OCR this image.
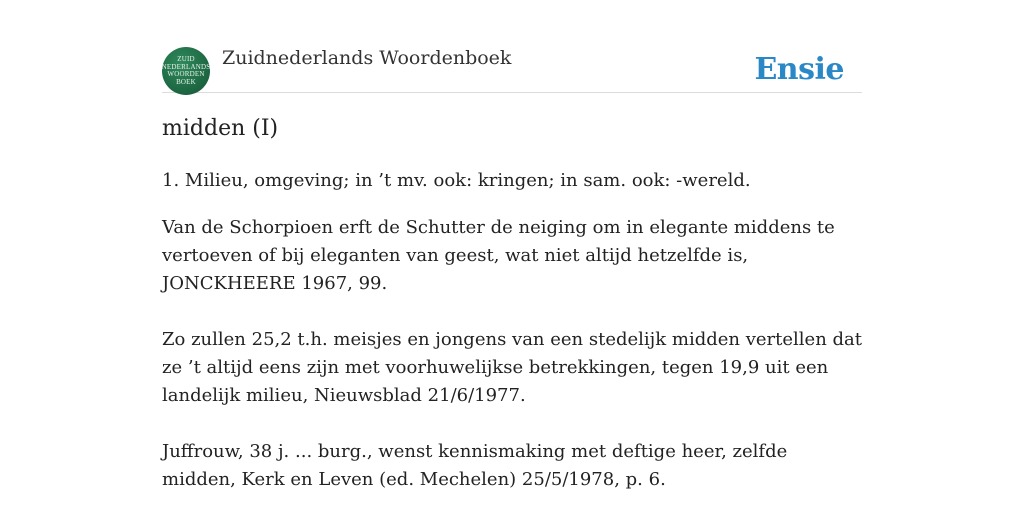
ZUID
NEDERLANDS
WOORDEN
BOEK
Zuidnederlands Woordenboek	Ensie
midden (I)
1. Milieu, omgeving; in ’t mv. ook: kringen; in sam. ook: -wereld.

Van de Schorpioen erft de Schutter de neiging om in elegante middens te vertoeven of bij eleganten van geest, wat niet altijd hetzelfde is, JONCKHEERE 1967, 99.

Zo zullen 25,2 t.h. meisjes en jongens van een stedelijk midden vertellen dat ze ’t altijd eens zijn met voorhuwelijkse betrekkingen, tegen 19,9 uit een landelijk milieu, Nieuwsblad 21/6/1977.

Juffrouw, 38 j. ... burg., wenst kennismaking met deftige heer, zelfde midden, Kerk en Leven (ed. Mechelen) 25/5/1978, p. 6.
